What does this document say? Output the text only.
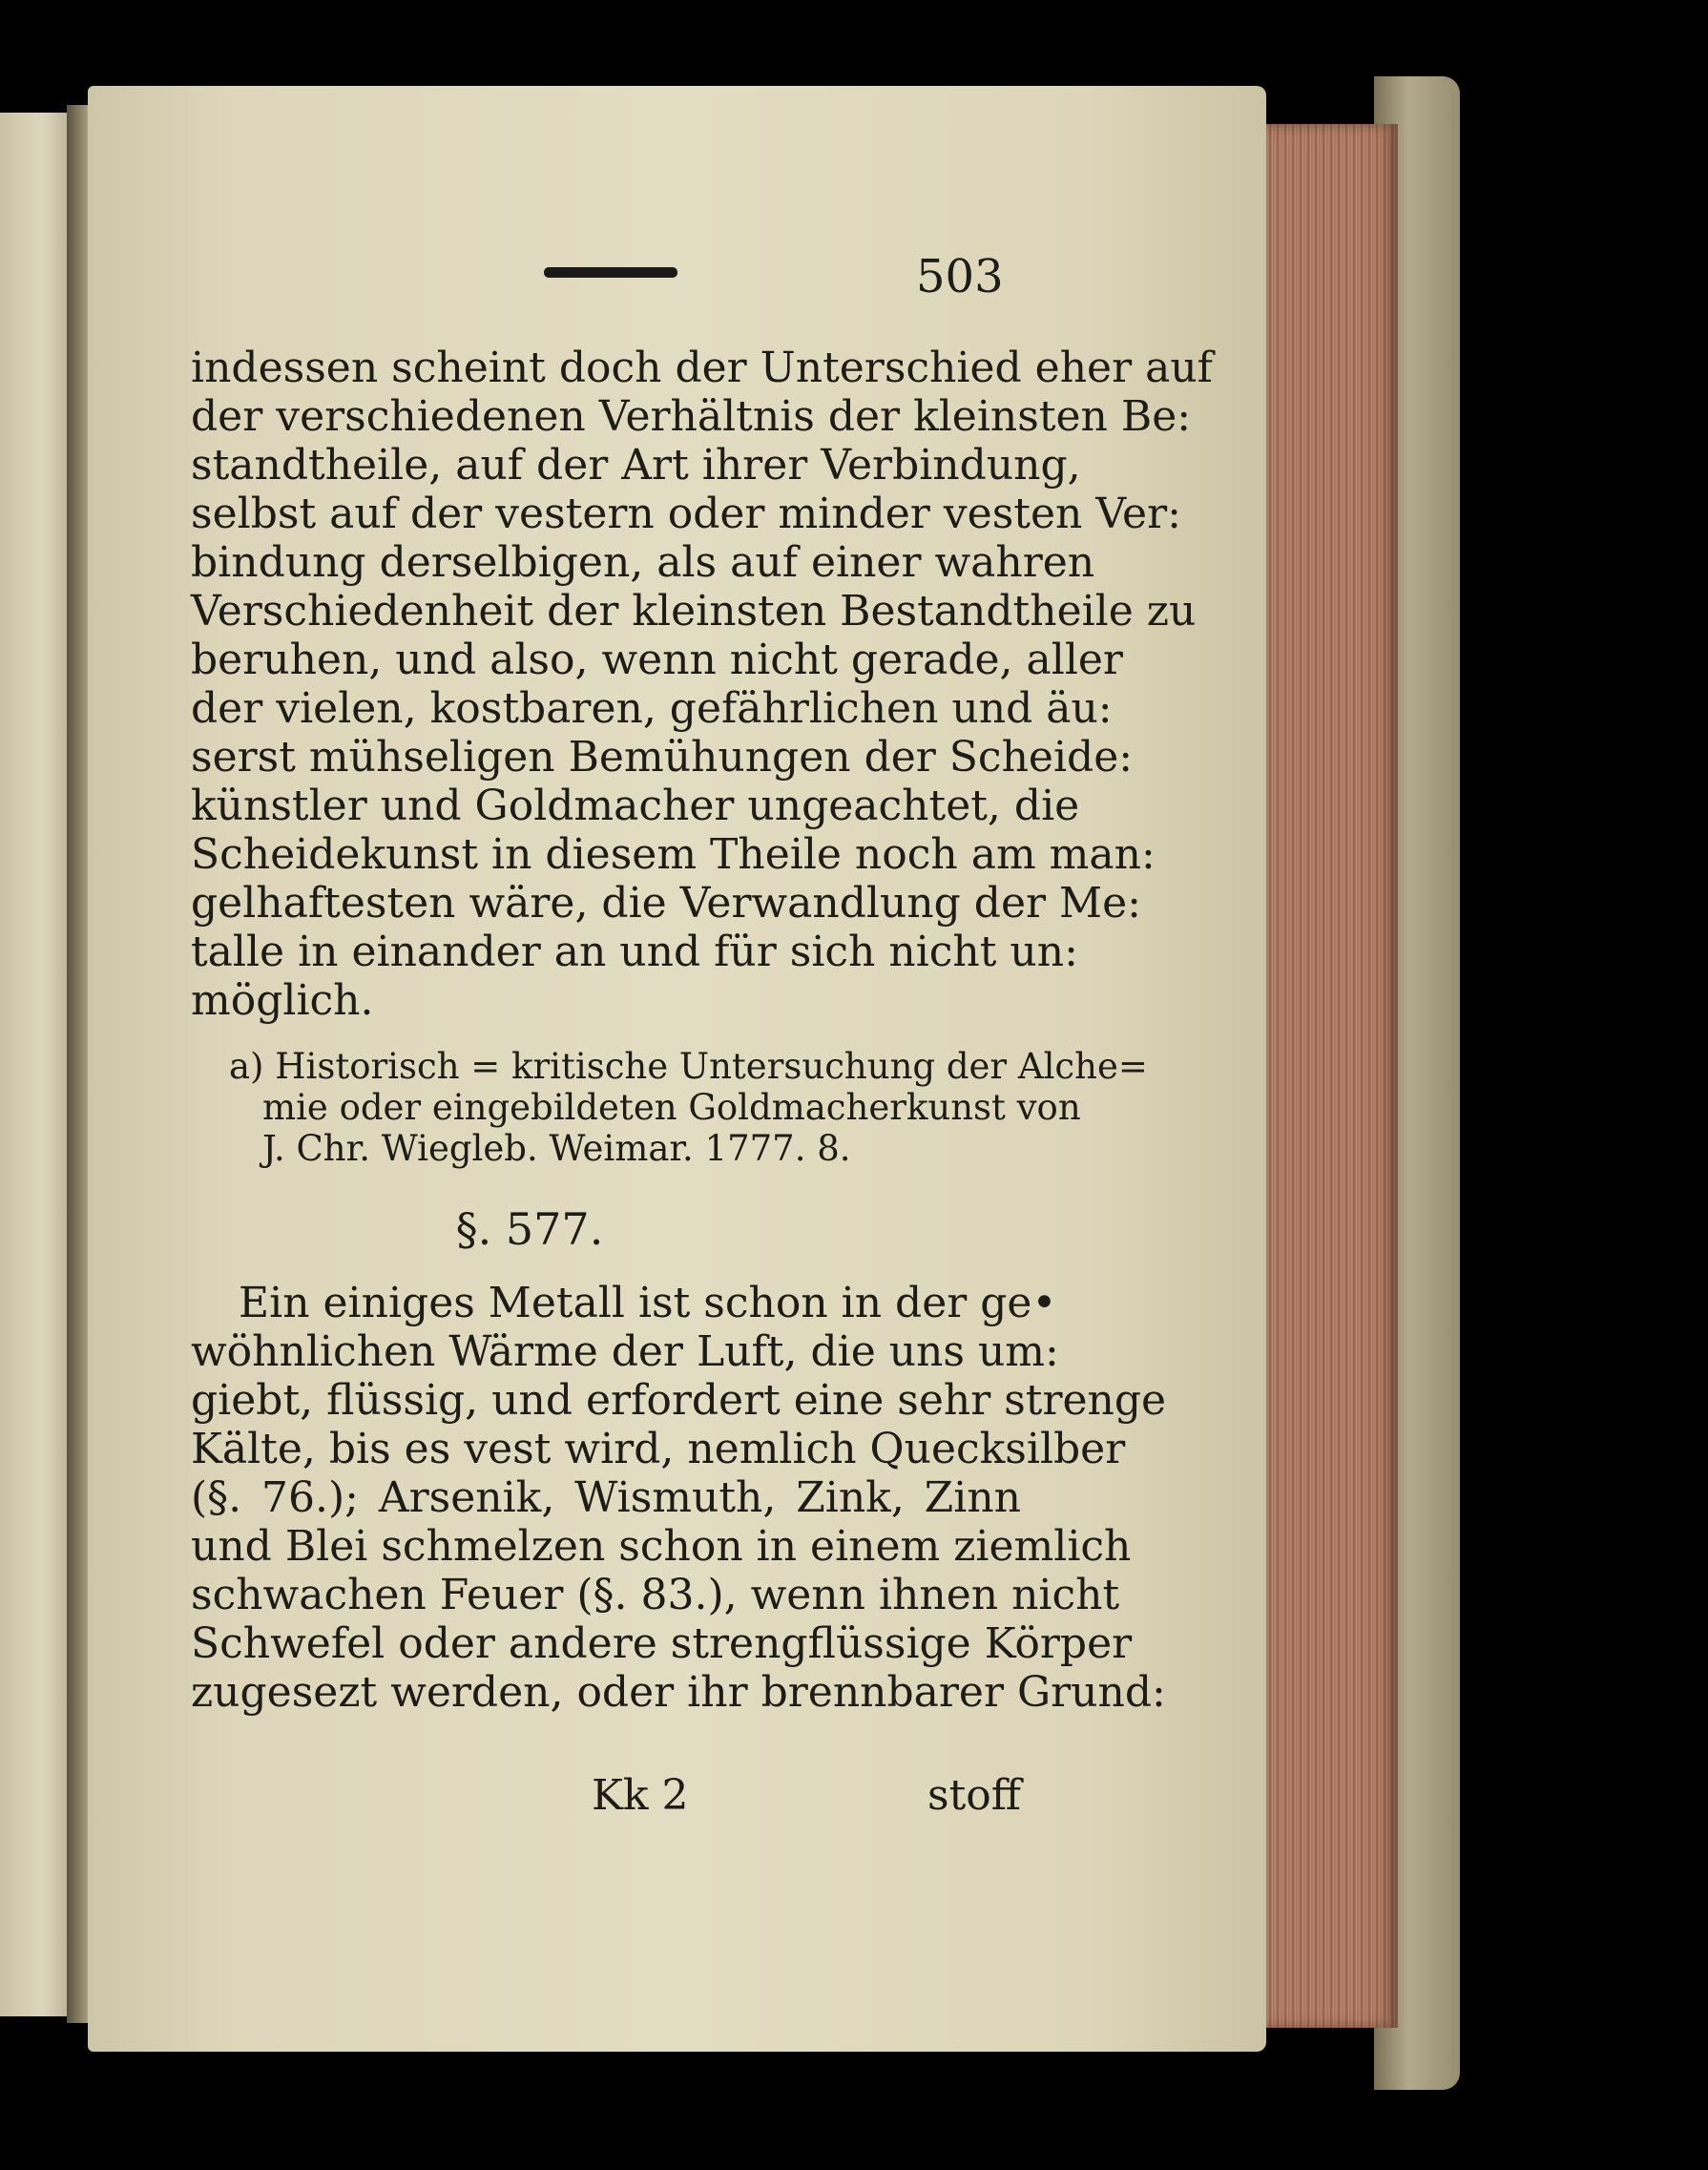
503

indessen scheint doch der Unterschied eher auf
der verschiedenen Verhältnis der kleinsten Be:
standtheile, auf der Art ihrer Verbindung,
selbst auf der vestern oder minder vesten Ver:
bindung derselbigen, als auf einer wahren
Verschiedenheit der kleinsten Bestandtheile zu
beruhen, und also, wenn nicht gerade, aller
der vielen, kostbaren, gefährlichen und äu:
serst mühseligen Bemühungen der Scheide:
künstler und Goldmacher ungeachtet, die
Scheidekunst in diesem Theile noch am man:
gelhaftesten wäre, die Verwandlung der Me:
talle in einander an und für sich nicht un:
möglich.

a) Historisch = kritische Untersuchung der Alche=
mie oder eingebildeten Goldmacherkunst von
J. Chr. Wiegleb. Weimar. 1777. 8.

§. 577.

Ein einiges Metall ist schon in der ge•
wöhnlichen Wärme der Luft, die uns um:
giebt, flüssig, und erfordert eine sehr strenge
Kälte, bis es vest wird, nemlich Quecksilber
(§. 76.); Arsenik, Wismuth, Zink, Zinn
und Blei schmelzen schon in einem ziemlich
schwachen Feuer (§. 83.), wenn ihnen nicht
Schwefel oder andere strengflüssige Körper
zugesezt werden, oder ihr brennbarer Grund:

Kk 2	stoff
